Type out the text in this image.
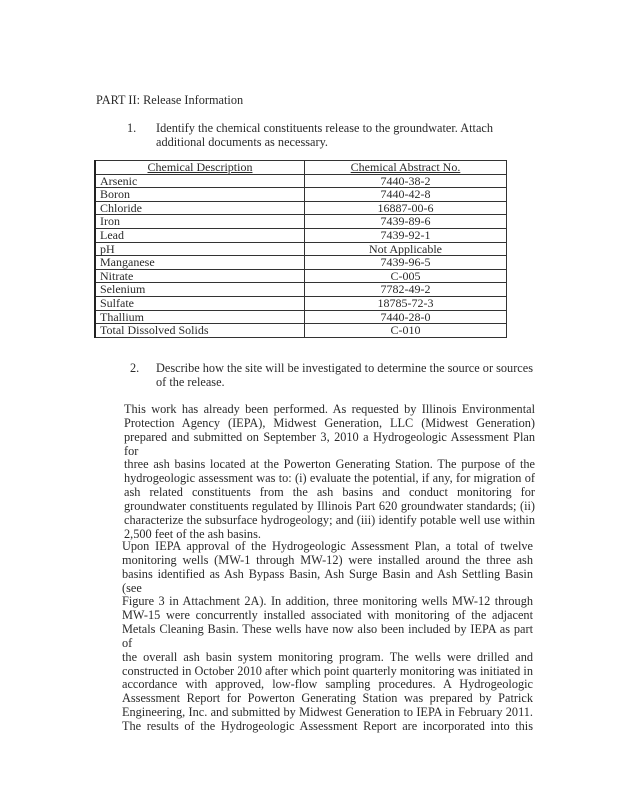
PART II: Release Information
1. Identify the chemical constituents release to the groundwater. Attach
additional documents as necessary.
Chemical Description	Chemical Abstract No.
Arsenic	7440-38-2
Boron	7440-42-8
Chloride	16887-00-6
Iron	7439-89-6
Lead	7439-92-1
pH	Not Applicable
Manganese	7439-96-5
Nitrate	C-005
Selenium	7782-49-2
Sulfate	18785-72-3
Thallium	7440-28-0
Total Dissolved Solids	C-010
2. Describe how the site will be investigated to determine the source or sources
of the release.
This work has already been performed. As requested by Illinois Environmental
Protection Agency (IEPA), Midwest Generation, LLC (Midwest Generation)
prepared and submitted on September 3, 2010 a Hydrogeologic Assessment Plan for
three ash basins located at the Powerton Generating Station. The purpose of the
hydrogeologic assessment was to: (i) evaluate the potential, if any, for migration of
ash related constituents from the ash basins and conduct monitoring for
groundwater constituents regulated by Illinois Part 620 groundwater standards; (ii)
characterize the subsurface hydrogeology; and (iii) identify potable well use within
2,500 feet of the ash basins.
Upon IEPA approval of the Hydrogeologic Assessment Plan, a total of twelve
monitoring wells (MW-1 through MW-12) were installed around the three ash
basins identified as Ash Bypass Basin, Ash Surge Basin and Ash Settling Basin (see
Figure 3 in Attachment 2A). In addition, three monitoring wells MW-12 through
MW-15 were concurrently installed associated with monitoring of the adjacent
Metals Cleaning Basin. These wells have now also been included by IEPA as part of
the overall ash basin system monitoring program. The wells were drilled and
constructed in October 2010 after which point quarterly monitoring was initiated in
accordance with approved, low-flow sampling procedures. A Hydrogeologic
Assessment Report for Powerton Generating Station was prepared by Patrick
Engineering, Inc. and submitted by Midwest Generation to IEPA in February 2011.
The results of the Hydrogeologic Assessment Report are incorporated into this
